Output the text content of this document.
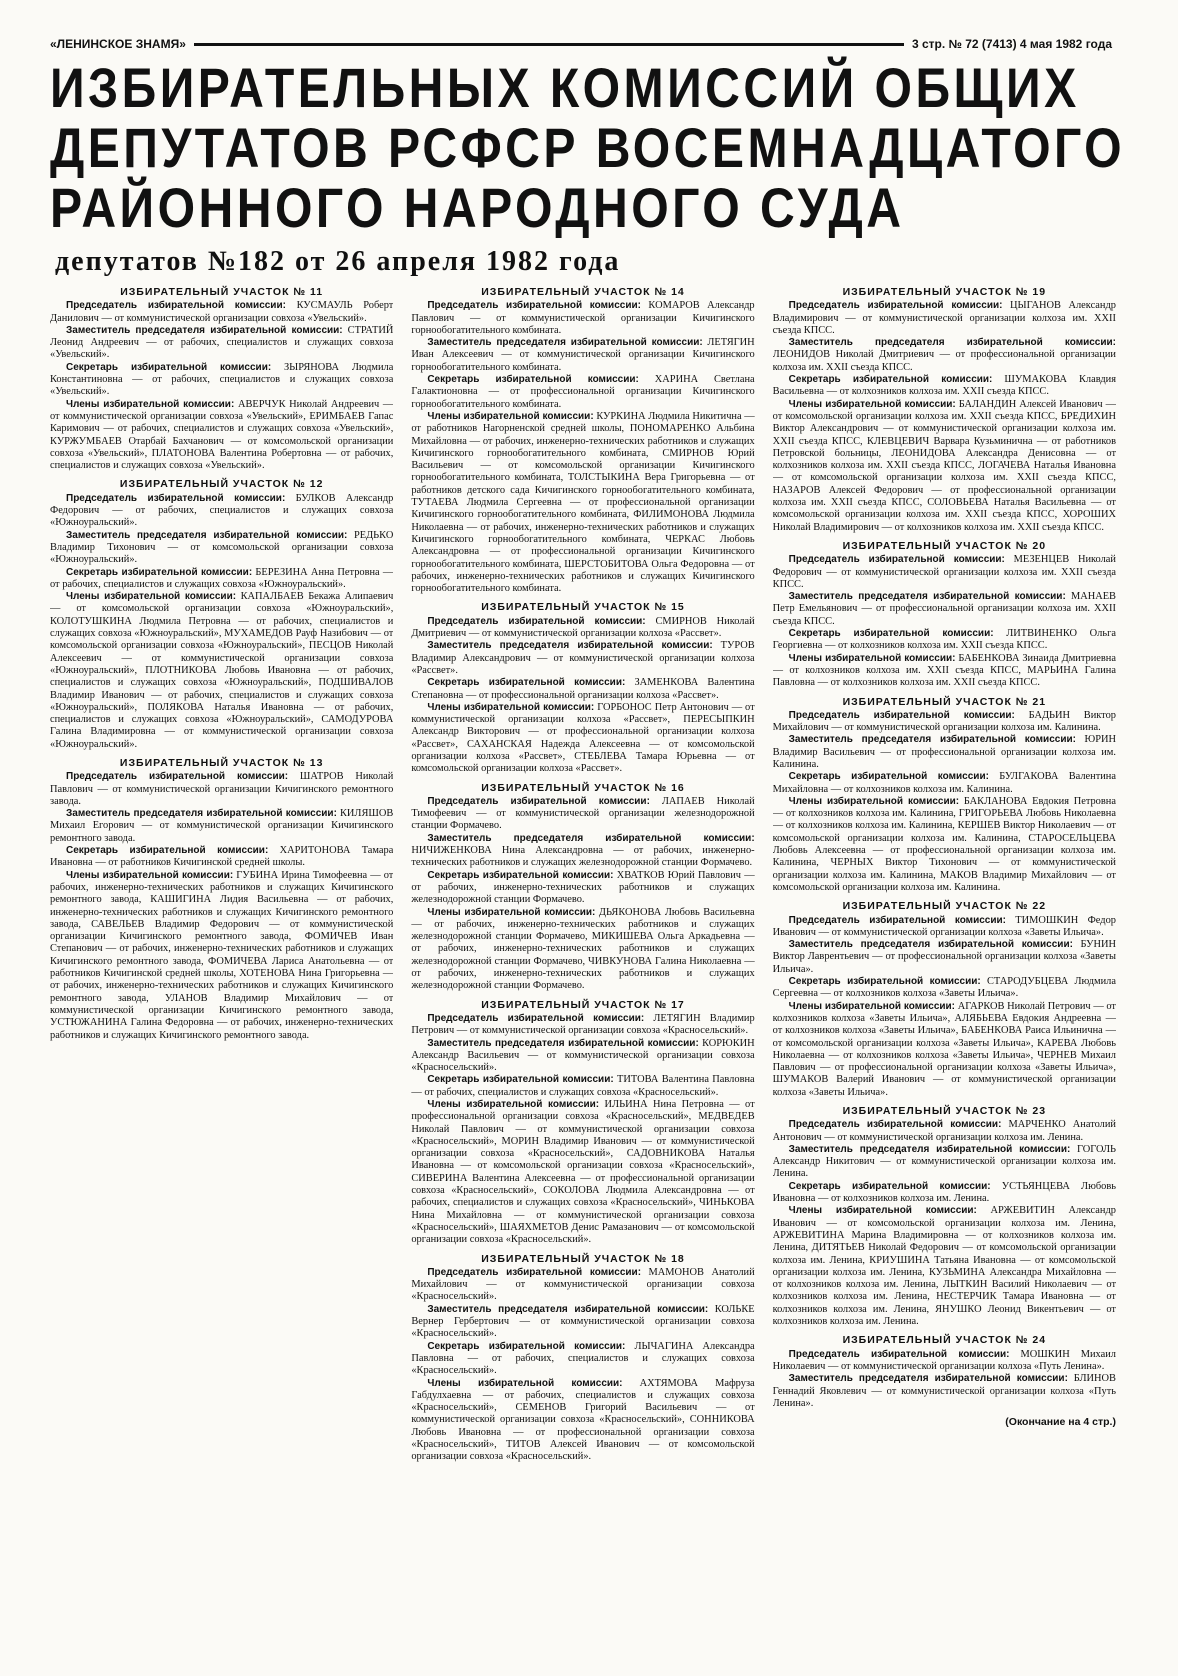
«ЛЕНИНСКОЕ ЗНАМЯ»	3 стр. № 72 (7413) 4 мая 1982 года
ИЗБИРАТЕЛЬНЫХ КОМИССИЙ ОБЩИХ
ДЕПУТАТОВ РСФСР ВОСЕМНАДЦАТОГО
РАЙОННОГО НАРОДНОГО СУДА
депутатов №182 от 26 апреля 1982 года
ИЗБИРАТЕЛЬНЫЙ УЧАСТОК № 11

Председатель избирательной комиссии: КУСМАУЛЬ Роберт Данилович — от коммунистической организации совхоза «Увельский».

Заместитель председателя избирательной комиссии: СТРАТИЙ Леонид Андреевич — от рабочих, специалистов и служащих совхоза «Увельский».

Секретарь избирательной комиссии: ЗЫРЯНОВА Людмила Константиновна — от рабочих, специалистов и служащих совхоза «Увельский».

Члены избирательной комиссии: АВЕРЧУК Николай Андреевич — от коммунистической организации совхоза «Увельский», ЕРИМБАЕВ Гапас Каримович — от рабочих, специалистов и служащих совхоза «Увельский», КУРЖУМБАЕВ Отарбай Бахчанович — от комсомольской организации совхоза «Увельский», ПЛАТОНОВА Валентина Робертовна — от рабочих, специалистов и служащих совхоза «Увельский».

ИЗБИРАТЕЛЬНЫЙ УЧАСТОК № 12

Председатель избирательной комиссии: БУЛКОВ Александр Федорович — от рабочих, специалистов и служащих совхоза «Южноуральский».

Заместитель председателя избирательной комиссии: РЕДЬКО Владимир Тихонович — от комсомольской организации совхоза «Южноуральский».

Секретарь избирательной комиссии: БЕРЕЗИНА Анна Петровна — от рабочих, специалистов и служащих совхоза «Южноуральский».

Члены избирательной комиссии: КАПАЛБАЕВ Бекажа Алипаевич — от комсомольской организации совхоза «Южноуральский», КОЛОТУШКИНА Людмила Петровна — от рабочих, специалистов и служащих совхоза «Южноуральский», МУХАМЕДОВ Рауф Назибович — от комсомольской организации совхоза «Южноуральский», ПЕСЦОВ Николай Алексеевич — от коммунистической организации совхоза «Южноуральский», ПЛОТНИКОВА Любовь Ивановна — от рабочих, специалистов и служащих совхоза «Южноуральский», ПОДШИВАЛОВ Владимир Иванович — от рабочих, специалистов и служащих совхоза «Южноуральский», ПОЛЯКОВА Наталья Ивановна — от рабочих, специалистов и служащих совхоза «Южноуральский», САМОДУРОВА Галина Владимировна — от коммунистической организации совхоза «Южноуральский».

ИЗБИРАТЕЛЬНЫЙ УЧАСТОК № 13

Председатель избирательной комиссии: ШАТРОВ Николай Павлович — от коммунистической организации Кичигинского ремонтного завода.

Заместитель председателя избирательной комиссии: КИЛЯШОВ Михаил Егорович — от коммунистической организации Кичигинского ремонтного завода.

Секретарь избирательной комиссии: ХАРИТОНОВА Тамара Ивановна — от работников Кичигинской средней школы.

Члены избирательной комиссии: ГУБИНА Ирина Тимофеевна — от рабочих, инженерно-технических работников и служащих Кичигинского ремонтного завода, КАШИГИНА Лидия Васильевна — от рабочих, инженерно-технических работников и служащих Кичигинского ремонтного завода, САВЕЛЬЕВ Владимир Федорович — от коммунистической организации Кичигинского ремонтного завода, ФОМИЧЕВ Иван Степанович — от рабочих, инженерно-технических работников и служащих Кичигинского ремонтного завода, ФОМИЧЕВА Лариса Анатольевна — от работников Кичигинской средней школы, ХОТЕНОВА Нина Григорьевна — от рабочих, инженерно-технических работников и служащих Кичигинского ремонтного завода, УЛАНОВ Владимир Михайлович — от коммунистической организации Кичигинского ремонтного завода, УСТЮЖАНИНА Галина Федоровна — от рабочих, инженерно-технических работников и служащих Кичигинского ремонтного завода.

ИЗБИРАТЕЛЬНЫЙ УЧАСТОК № 14

Председатель избирательной комиссии: КОМАРОВ Александр Павлович — от коммунистической организации Кичигинского горнообогатительного комбината.

Заместитель председателя избирательной комиссии: ЛЕТЯГИН Иван Алексеевич — от коммунистической организации Кичигинского горнообогатительного комбината.

Секретарь избирательной комиссии: ХАРИНА Светлана Галактионовна — от профессиональной организации Кичигинского горнообогатительного комбината.

Члены избирательной комиссии: КУРКИНА Людмила Никитична — от работников Нагорненской средней школы, ПОНОМАРЕНКО Альбина Михайловна — от рабочих, инженерно-технических работников и служащих Кичигинского горнообогатительного комбината, СМИРНОВ Юрий Васильевич — от комсомольской организации Кичигинского горнообогатительного комбината, ТОЛСТЫКИНА Вера Григорьевна — от работников детского сада Кичигинского горнообогатительного комбината, ТУТАЕВА Людмила Сергеевна — от профессиональной организации Кичигинского горнообогатительного комбината, ФИЛИМОНОВА Людмила Николаевна — от рабочих, инженерно-технических работников и служащих Кичигинского горнообогатительного комбината, ЧЕРКАС Любовь Александровна — от профессиональной организации Кичигинского горнообогатительного комбината, ШЕРСТОБИТОВА Ольга Федоровна — от рабочих, инженерно-технических работников и служащих Кичигинского горнообогатительного комбината.

ИЗБИРАТЕЛЬНЫЙ УЧАСТОК № 15

Председатель избирательной комиссии: СМИРНОВ Николай Дмитриевич — от коммунистической организации колхоза «Рассвет».

Заместитель председателя избирательной комиссии: ТУРОВ Владимир Александрович — от коммунистической организации колхоза «Рассвет».

Секретарь избирательной комиссии: ЗАМЕНКОВА Валентина Степановна — от профессиональной организации колхоза «Рассвет».

Члены избирательной комиссии: ГОРБОНОС Петр Антонович — от коммунистической организации колхоза «Рассвет», ПЕРЕСЫПКИН Александр Викторович — от профессиональной организации колхоза «Рассвет», САХАНСКАЯ Надежда Алексеевна — от комсомольской организации колхоза «Рассвет», СТЕБЛЕВА Тамара Юрьевна — от комсомольской организации колхоза «Рассвет».

ИЗБИРАТЕЛЬНЫЙ УЧАСТОК № 16

Председатель избирательной комиссии: ЛАПАЕВ Николай Тимофеевич — от коммунистической организации железнодорожной станции Формачево.

Заместитель председателя избирательной комиссии: НИЧИЖЕНКОВА Нина Александровна — от рабочих, инженерно-технических работников и служащих железнодорожной станции Формачево.

Секретарь избирательной комиссии: ХВАТКОВ Юрий Павлович — от рабочих, инженерно-технических работников и служащих железнодорожной станции Формачево.

Члены избирательной комиссии: ДЬЯКОНОВА Любовь Васильевна — от рабочих, инженерно-технических работников и служащих железнодорожной станции Формачево, МИКИШЕВА Ольга Аркадьевна — от рабочих, инженерно-технических работников и служащих железнодорожной станции Формачево, ЧИВКУНОВА Галина Николаевна — от рабочих, инженерно-технических работников и служащих железнодорожной станции Формачево.

ИЗБИРАТЕЛЬНЫЙ УЧАСТОК № 17

Председатель избирательной комиссии: ЛЕТЯГИН Владимир Петрович — от коммунистической организации совхоза «Красносельский».

Заместитель председателя избирательной комиссии: КОРЮКИН Александр Васильевич — от коммунистической организации совхоза «Красносельский».

Секретарь избирательной комиссии: ТИТОВА Валентина Павловна — от рабочих, специалистов и служащих совхоза «Красносельский».

Члены избирательной комиссии: ИЛЬИНА Нина Петровна — от профессиональной организации совхоза «Красносельский», МЕДВЕДЕВ Николай Павлович — от коммунистической организации совхоза «Красносельский», МОРИН Владимир Иванович — от коммунистической организации совхоза «Красносельский», САДОВНИКОВА Наталья Ивановна — от комсомольской организации совхоза «Красносельский», СИВЕРИНА Валентина Алексеевна — от профессиональной организации совхоза «Красносельский», СОКОЛОВА Людмила Александровна — от рабочих, специалистов и служащих совхоза «Красносельский», ЧИНЬКОВА Нина Михайловна — от коммунистической организации совхоза «Красносельский», ШАЯХМЕТОВ Денис Рамазанович — от комсомольской организации совхоза «Красносельский».

ИЗБИРАТЕЛЬНЫЙ УЧАСТОК № 18

Председатель избирательной комиссии: МАМОНОВ Анатолий Михайлович — от коммунистической организации совхоза «Красносельский».

Заместитель председателя избирательной комиссии: КОЛЬКЕ Вернер Гербертович — от коммунистической организации совхоза «Красносельский».

Секретарь избирательной комиссии: ЛЫЧАГИНА Александра Павловна — от рабочих, специалистов и служащих совхоза «Красносельский».

Члены избирательной комиссии: АХТЯМОВА Мафруза Габдулхаевна — от рабочих, специалистов и служащих совхоза «Красносельский», СЕМЕНОВ Григорий Васильевич — от коммунистической организации совхоза «Красносельский», СОННИКОВА Любовь Ивановна — от профессиональной организации совхоза «Красносельский», ТИТОВ Алексей Иванович — от комсомольской организации совхоза «Красносельский».

ИЗБИРАТЕЛЬНЫЙ УЧАСТОК № 19

Председатель избирательной комиссии: ЦЫГАНОВ Александр Владимирович — от коммунистической организации колхоза им. XXII съезда КПСС.

Заместитель председателя избирательной комиссии: ЛЕОНИДОВ Николай Дмитриевич — от профессиональной организации колхоза им. XXII съезда КПСС.

Секретарь избирательной комиссии: ШУМАКОВА Клавдия Васильевна — от колхозников колхоза им. XXII съезда КПСС.

Члены избирательной комиссии: БАЛАНДИН Алексей Иванович — от комсомольской организации колхоза им. XXII съезда КПСС, БРЕДИХИН Виктор Александрович — от коммунистической организации колхоза им. XXII съезда КПСС, КЛЕВЦЕВИЧ Варвара Кузьминична — от работников Петровской больницы, ЛЕОНИДОВА Александра Денисовна — от колхозников колхоза им. XXII съезда КПСС, ЛОГАЧЕВА Наталья Ивановна — от комсомольской организации колхоза им. XXII съезда КПСС, НАЗАРОВ Алексей Федорович — от профессиональной организации колхоза им. XXII съезда КПСС, СОЛОВЬЕВА Наталья Васильевна — от комсомольской организации колхоза им. XXII съезда КПСС, ХОРОШИХ Николай Владимирович — от колхозников колхоза им. XXII съезда КПСС.

ИЗБИРАТЕЛЬНЫЙ УЧАСТОК № 20

Председатель избирательной комиссии: МЕЗЕНЦЕВ Николай Федорович — от коммунистической организации колхоза им. XXII съезда КПСС.

Заместитель председателя избирательной комиссии: МАНАЕВ Петр Емельянович — от профессиональной организации колхоза им. XXII съезда КПСС.

Секретарь избирательной комиссии: ЛИТВИНЕНКО Ольга Георгиевна — от колхозников колхоза им. XXII съезда КПСС.

Члены избирательной комиссии: БАБЕНКОВА Зинаида Дмитриевна — от колхозников колхоза им. XXII съезда КПСС, МАРЬИНА Галина Павловна — от колхозников колхоза им. XXII съезда КПСС.

ИЗБИРАТЕЛЬНЫЙ УЧАСТОК № 21

Председатель избирательной комиссии: БАДЬИН Виктор Михайлович — от коммунистической организации колхоза им. Калинина.

Заместитель председателя избирательной комиссии: ЮРИН Владимир Васильевич — от профессиональной организации колхоза им. Калинина.

Секретарь избирательной комиссии: БУЛГАКОВА Валентина Михайловна — от колхозников колхоза им. Калинина.

Члены избирательной комиссии: БАКЛАНОВА Евдокия Петровна — от колхозников колхоза им. Калинина, ГРИГОРЬЕВА Любовь Николаевна — от колхозников колхоза им. Калинина, КЕРШЕВ Виктор Николаевич — от комсомольской организации колхоза им. Калинина, СТАРОСЕЛЬЦЕВА Любовь Алексеевна — от профессиональной организации колхоза им. Калинина, ЧЕРНЫХ Виктор Тихонович — от коммунистической организации колхоза им. Калинина, МАКОВ Владимир Михайлович — от комсомольской организации колхоза им. Калинина.

ИЗБИРАТЕЛЬНЫЙ УЧАСТОК № 22

Председатель избирательной комиссии: ТИМОШКИН Федор Иванович — от коммунистической организации колхоза «Заветы Ильича».

Заместитель председателя избирательной комиссии: БУНИН Виктор Лаврентьевич — от профессиональной организации колхоза «Заветы Ильича».

Секретарь избирательной комиссии: СТАРОДУБЦЕВА Людмила Сергеевна — от колхозников колхоза «Заветы Ильича».

Члены избирательной комиссии: АГАРКОВ Николай Петрович — от колхозников колхоза «Заветы Ильича», АЛЯБЬЕВА Евдокия Андреевна — от колхозников колхоза «Заветы Ильича», БАБЕНКОВА Раиса Ильинична — от комсомольской организации колхоза «Заветы Ильича», КАРЕВА Любовь Николаевна — от колхозников колхоза «Заветы Ильича», ЧЕРНЕВ Михаил Павлович — от профессиональной организации колхоза «Заветы Ильича», ШУМАКОВ Валерий Иванович — от коммунистической организации колхоза «Заветы Ильича».

ИЗБИРАТЕЛЬНЫЙ УЧАСТОК № 23

Председатель избирательной комиссии: МАРЧЕНКО Анатолий Антонович — от коммунистической организации колхоза им. Ленина.

Заместитель председателя избирательной комиссии: ГОГОЛЬ Александр Никитович — от коммунистической организации колхоза им. Ленина.

Секретарь избирательной комиссии: УСТЬЯНЦЕВА Любовь Ивановна — от колхозников колхоза им. Ленина.

Члены избирательной комиссии: АРЖЕВИТИН Александр Иванович — от комсомольской организации колхоза им. Ленина, АРЖЕВИТИНА Марина Владимировна — от колхозников колхоза им. Ленина, ДИТЯТЬЕВ Николай Федорович — от комсомольской организации колхоза им. Ленина, КРИУШИНА Татьяна Ивановна — от комсомольской организации колхоза им. Ленина, КУЗЬМИНА Александра Михайловна — от колхозников колхоза им. Ленина, ЛЫТКИН Василий Николаевич — от колхозников колхоза им. Ленина, НЕСТЕРЧИК Тамара Ивановна — от колхозников колхоза им. Ленина, ЯНУШКО Леонид Викентьевич — от колхозников колхоза им. Ленина.

ИЗБИРАТЕЛЬНЫЙ УЧАСТОК № 24

Председатель избирательной комиссии: МОШКИН Михаил Николаевич — от коммунистической организации колхоза «Путь Ленина».

Заместитель председателя избирательной комиссии: БЛИНОВ Геннадий Яковлевич — от коммунистической организации колхоза «Путь Ленина».

(Окончание на 4 стр.)
